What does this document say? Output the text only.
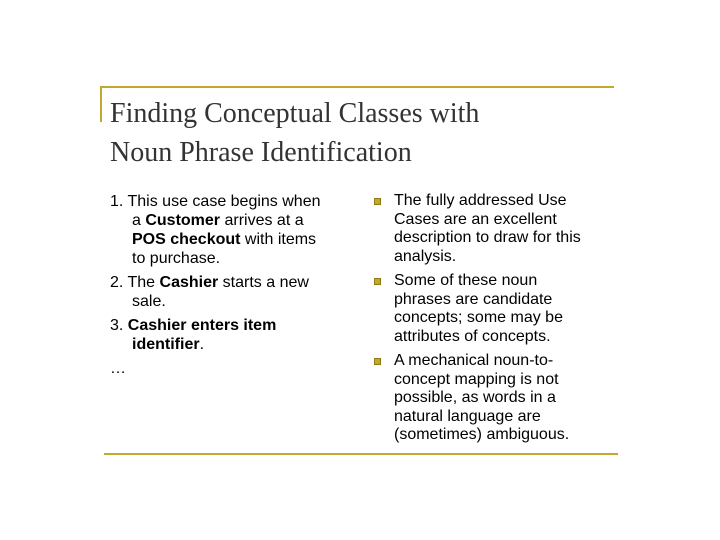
Finding Conceptual Classes with
Noun Phrase Identification
1. This use case begins when
a Customer arrives at a
POS checkout with items
to purchase.
2. The Cashier starts a new
sale.
3. Cashier enters item
identifier.
…
The fully addressed Use
Cases are an excellent
description to draw for this
analysis.
Some of these noun
phrases are candidate
concepts; some may be
attributes of concepts.
A mechanical noun-to-
concept mapping is not
possible, as words in a
natural language are
(sometimes) ambiguous.
